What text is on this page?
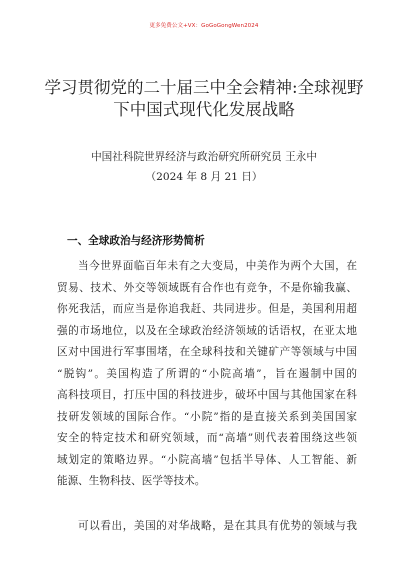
更多免费公文+VX：GoGoGongWen2024
学习贯彻党的二十届三中全会精神:全球视野
下中国式现代化发展战略
中国社科院世界经济与政治研究所研究员 王永中
（2024 年 8 月 21 日）
一、全球政治与经济形势简析
当今世界面临百年未有之大变局，中美作为两个大国，在
贸易、技术、外交等领域既有合作也有竞争，不是你输我赢、
你死我活，而应当是你追我赶、共同进步。但是，美国利用超
强的市场地位，以及在全球政治经济领域的话语权，在亚太地
区对中国进行军事围堵，在全球科技和关键矿产等领域与中国
“脱钩”。美国构造了所谓的“小院高墙”，旨在遏制中国的
高科技项目，打压中国的科技进步，破坏中国与其他国家在科
技研发领域的国际合作。“小院”指的是直接关系到美国国家
安全的特定技术和研究领域，而“高墙”则代表着围绕这些领
域划定的策略边界。“小院高墙”包括半导体、人工智能、新
能源、生物科技、医学等技术。
可以看出，美国的对华战略，是在其具有优势的领域与我
